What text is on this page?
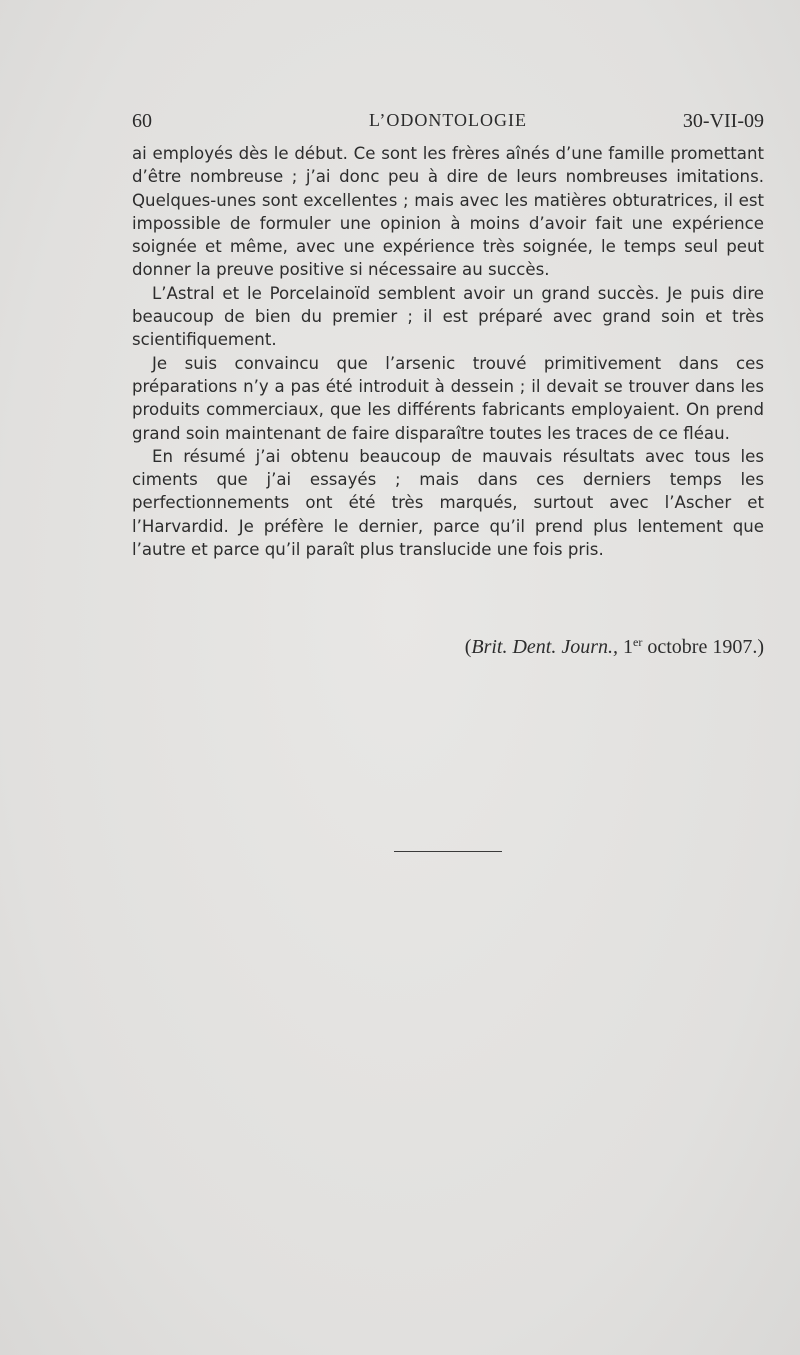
60	L’ODONTOLOGIE	30-VII-09

ai employés dès le début. Ce sont les frères aînés d’une famille promettant d’être nombreuse ; j’ai donc peu à dire de leurs nombreuses imitations. Quelques-unes sont excellentes ; mais avec les matières obturatrices, il est impossible de formuler une opinion à moins d’avoir fait une expérience soignée et même, avec une expérience très soignée, le temps seul peut donner la preuve positive si nécessaire au succès.

L’Astral et le Porcelainoïd semblent avoir un grand succès. Je puis dire beaucoup de bien du premier ; il est préparé avec grand soin et très scientifiquement.

Je suis convaincu que l’arsenic trouvé primitivement dans ces préparations n’y a pas été introduit à dessein ; il devait se trouver dans les produits commerciaux, que les différents fabricants employaient. On prend grand soin maintenant de faire disparaître toutes les traces de ce fléau.

En résumé j’ai obtenu beaucoup de mauvais résultats avec tous les ciments que j’ai essayés ; mais dans ces derniers temps les perfectionnements ont été très marqués, surtout avec l’Ascher et l’Harvardid. Je préfère le dernier, parce qu’il prend plus lentement que l’autre et parce qu’il paraît plus translucide une fois pris.

(Brit. Dent. Journ., 1er octobre 1907.)
